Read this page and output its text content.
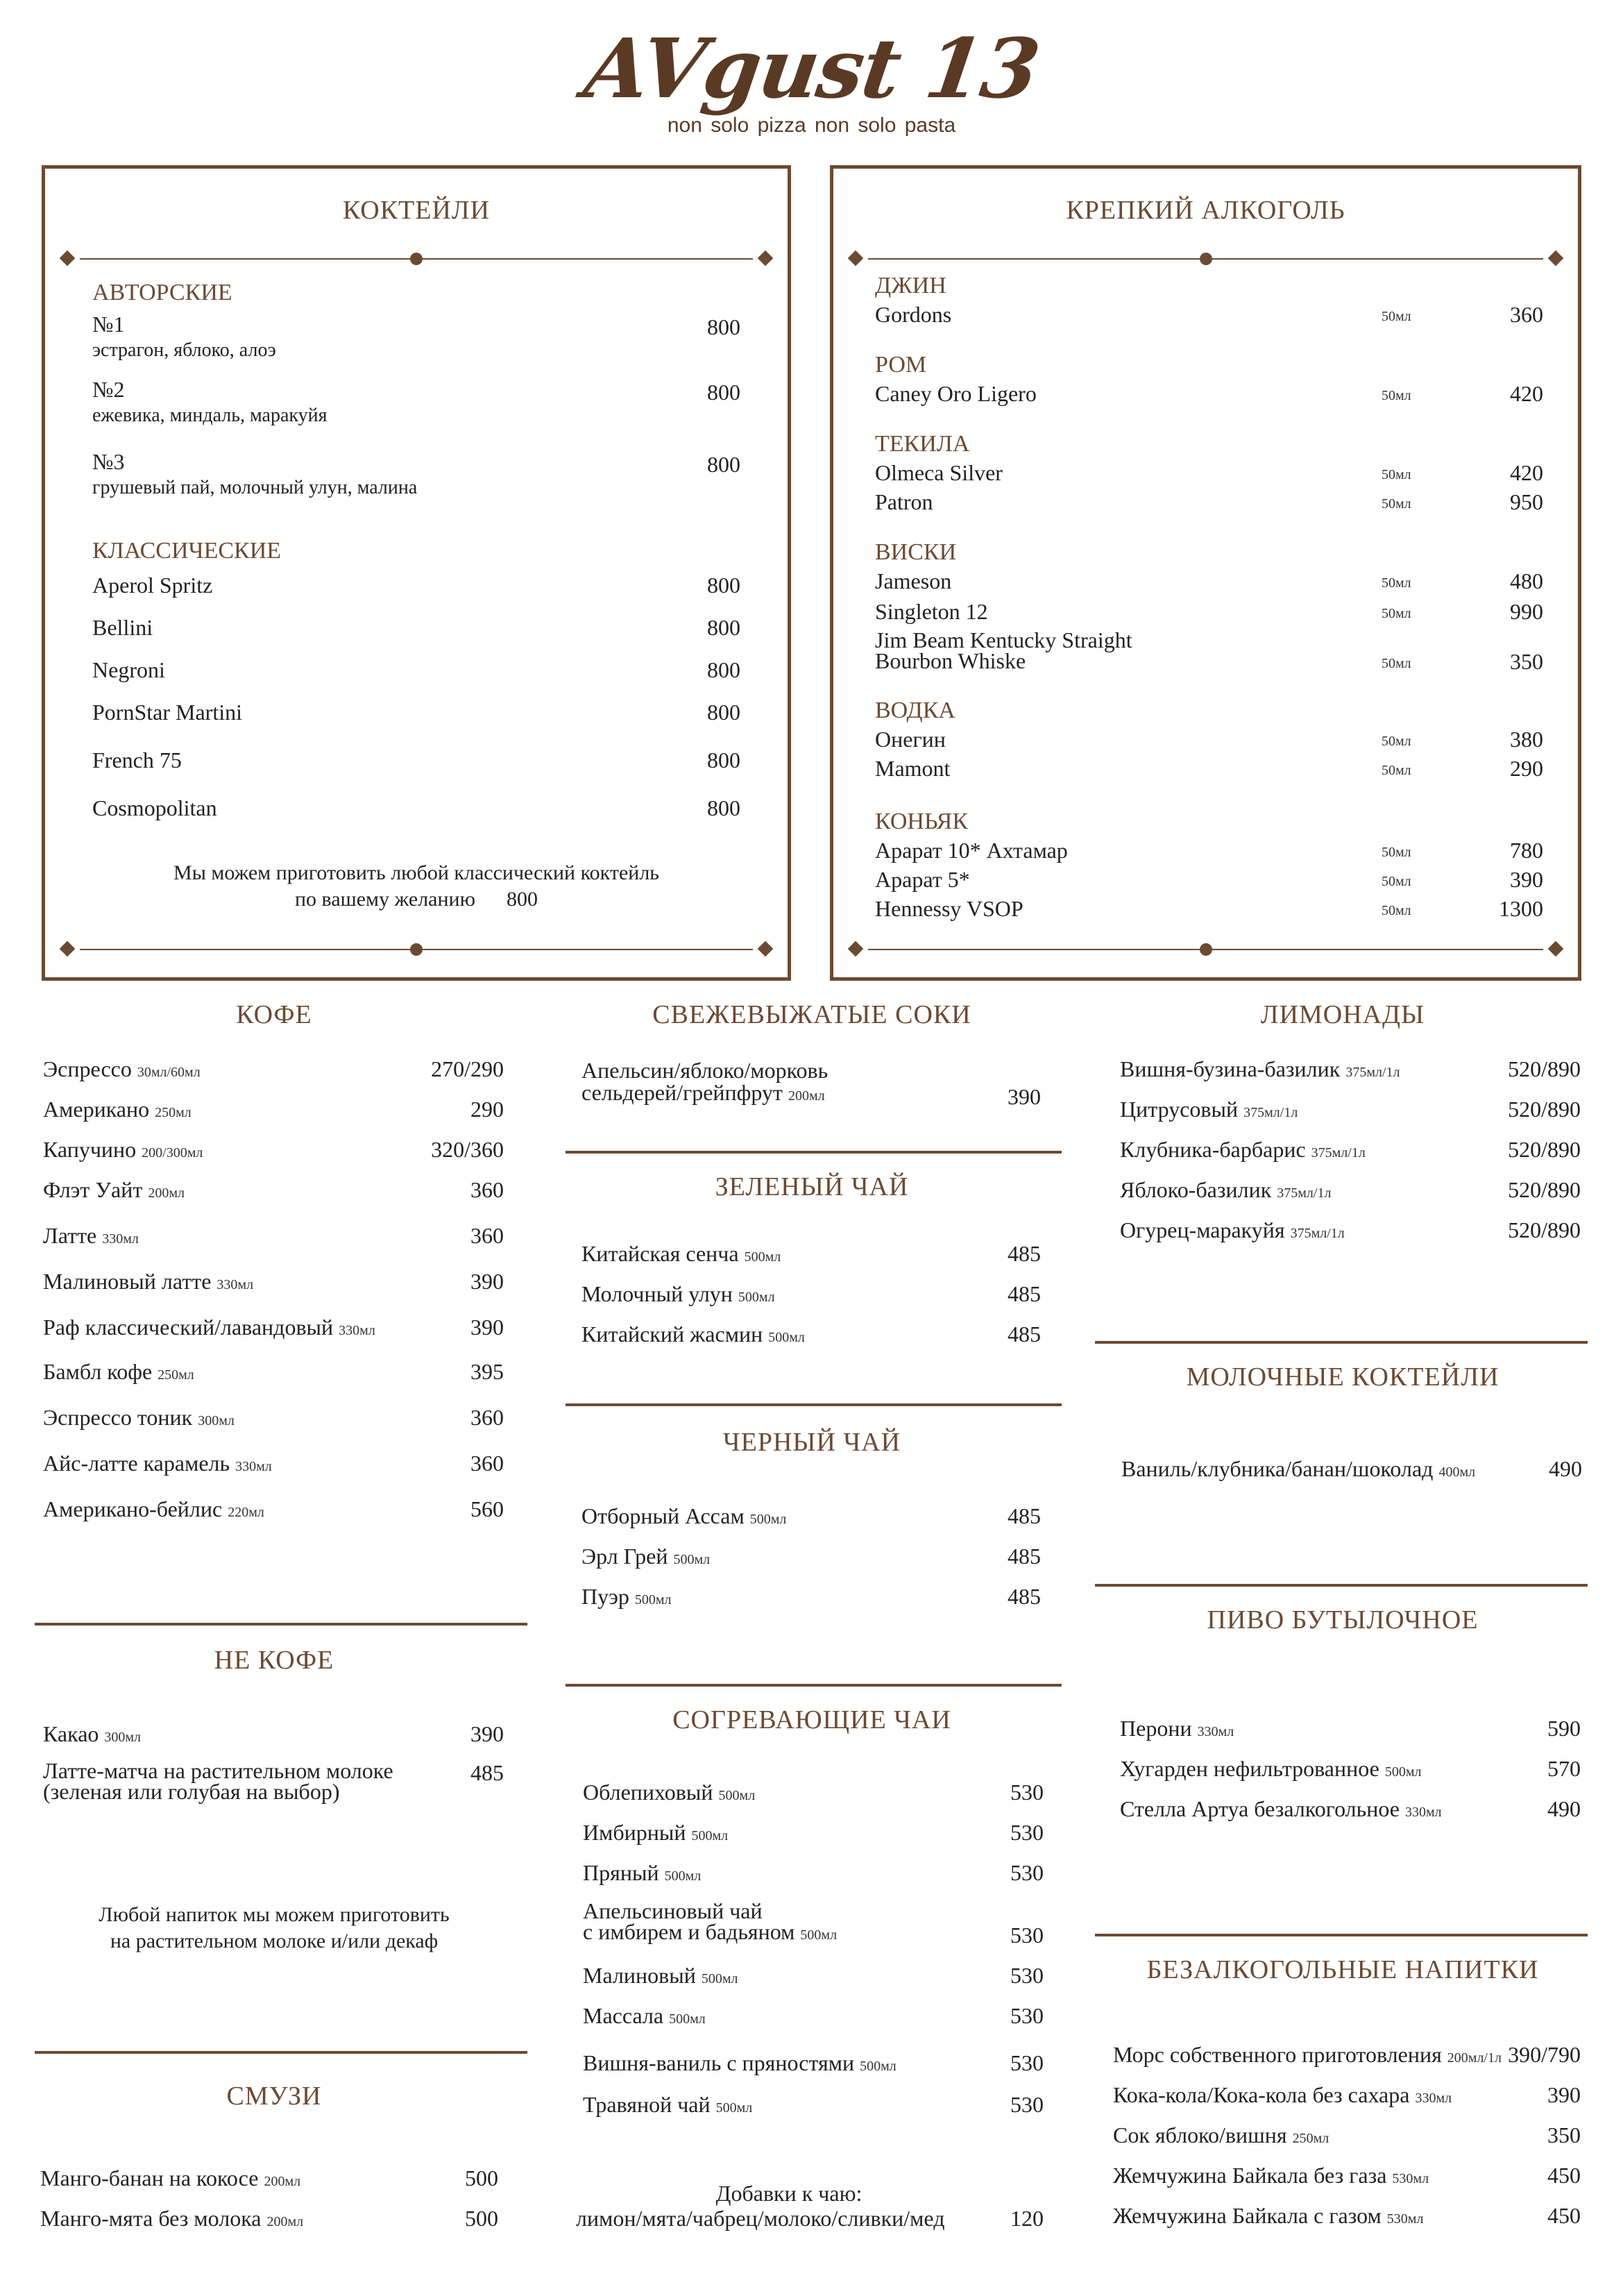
AVgust 13
non solo pizza non solo pasta
КОКТЕЙЛИ
АВТОРСКИЕ
№1
эстрагон, яблоко, алоэ
800
№2
ежевика, миндаль, маракуйя
800
№3
грушевый пай, молочный улун, малина
800
КЛАССИЧЕСКИЕ
Aperol Spritz	800
Bellini	800
Negroni	800
PornStar Martini	800
French 75	800
Cosmopolitan	800
Мы можем приготовить любой классический коктейль
по вашему желанию 800
КРЕПКИЙ АЛКОГОЛЬ
ДЖИН
Gordons	50мл	360
РОМ
Caney Oro Ligero	50мл	420
ТЕКИЛА
Olmeca Silver	50мл	420
Patron	50мл	950
ВИСКИ
Jameson	50мл	480
Singleton 12	50мл	990
Jim Beam Kentucky Straight Bourbon Whiske	50мл	350
ВОДКА
Онегин	50мл	380
Mamont	50мл	290
КОНЬЯК
Арарат 10* Ахтамар	50мл	780
Арарат 5*	50мл	390
Hennessy VSOP	50мл	1300
КОФЕ
Эспрессо 30мл/60мл	270/290
Американо 250мл	290
Капучино 200/300мл	320/360
Флэт Уайт 200мл	360
Латте 330мл	360
Малиновый латте 330мл	390
Раф классический/лавандовый 330мл	390
Бамбл кофе 250мл	395
Эспрессо тоник 300мл	360
Айс-латте карамель 330мл	360
Американо-бейлис 220мл	560
НЕ КОФЕ
Какао 300мл	390
Латте-матча на растительном молоке
(зеленая или голубая на выбор)
485
Любой напиток мы можем приготовить
на растительном молоке и/или декаф
СМУЗИ
Манго-банан на кокосе 200мл	500
Манго-мята без молока 200мл	500
СВЕЖЕВЫЖАТЫЕ СОКИ
Апельсин/яблоко/морковь
сельдерей/грейпфрут 200мл	390
ЗЕЛЕНЫЙ ЧАЙ
Китайская сенча 500мл	485
Молочный улун 500мл	485
Китайский жасмин 500мл	485
ЧЕРНЫЙ ЧАЙ
Отборный Ассам 500мл	485
Эрл Грей 500мл	485
Пуэр 500мл	485
СОГРЕВАЮЩИЕ ЧАИ
Облепиховый 500мл	530
Имбирный 500мл	530
Пряный 500мл	530
Апельсиновый чай
с имбирем и бадьяном 500мл	530
Малиновый 500мл	530
Массала 500мл	530
Вишня-ваниль с пряностями 500мл	530
Травяной чай 500мл	530
Добавки к чаю:
лимон/мята/чабрец/молоко/сливки/мед	120
ЛИМОНАДЫ
Вишня-бузина-базилик 375мл/1л	520/890
Цитрусовый 375мл/1л	520/890
Клубника-барбарис 375мл/1л	520/890
Яблоко-базилик 375мл/1л	520/890
Огурец-маракуйя 375мл/1л	520/890
МОЛОЧНЫЕ КОКТЕЙЛИ
Ваниль/клубника/банан/шоколад 400мл	490
ПИВО БУТЫЛОЧНОЕ
Перони 330мл	590
Хугарден нефильтрованное 500мл	570
Стелла Артуа безалкогольное 330мл	490
БЕЗАЛКОГОЛЬНЫЕ НАПИТКИ
Морс собственного приготовления 200мл/1л 390/790
Кока-кола/Кока-кола без сахара 330мл	390
Сок яблоко/вишня 250мл	350
Жемчужина Байкала без газа 530мл	450
Жемчужина Байкала с газом 530мл	450
